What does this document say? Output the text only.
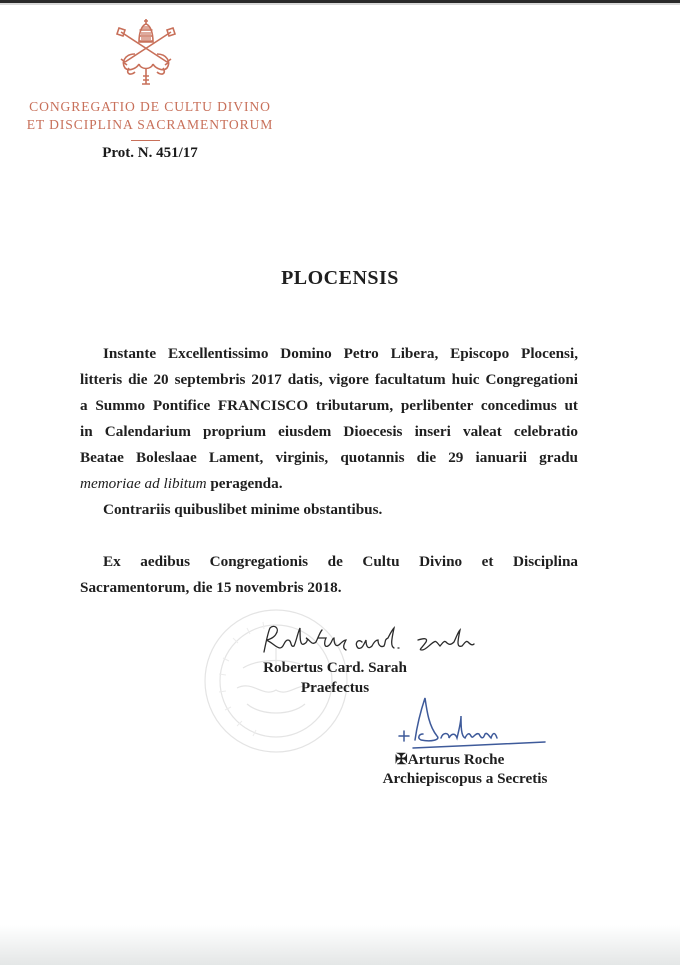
CONGREGATIO DE CULTU DIVINO
ET DISCIPLINA SACRAMENTORUM
Prot. N. 451/17
PLOCENSIS
Instante Excellentissimo Domino Petro Libera, Episcopo Plocensi,
litteris die 20 septembris 2017 datis, vigore facultatum huic Congregationi
a Summo Pontifice FRANCISCO tributarum, perlibenter concedimus ut
in Calendarium proprium eiusdem Dioecesis inseri valeat celebratio
Beatae Boleslaae Lament, virginis, quotannis die 29 ianuarii gradu
memoriae ad libitum peragenda.
Contrariis quibuslibet minime obstantibus.
Ex aedibus Congregationis de Cultu Divino et Disciplina
Sacramentorum, die 15 novembris 2018.
Robertus Card. Sarah
Praefectus
✠Arturus Roche
Archiepiscopus a Secretis
